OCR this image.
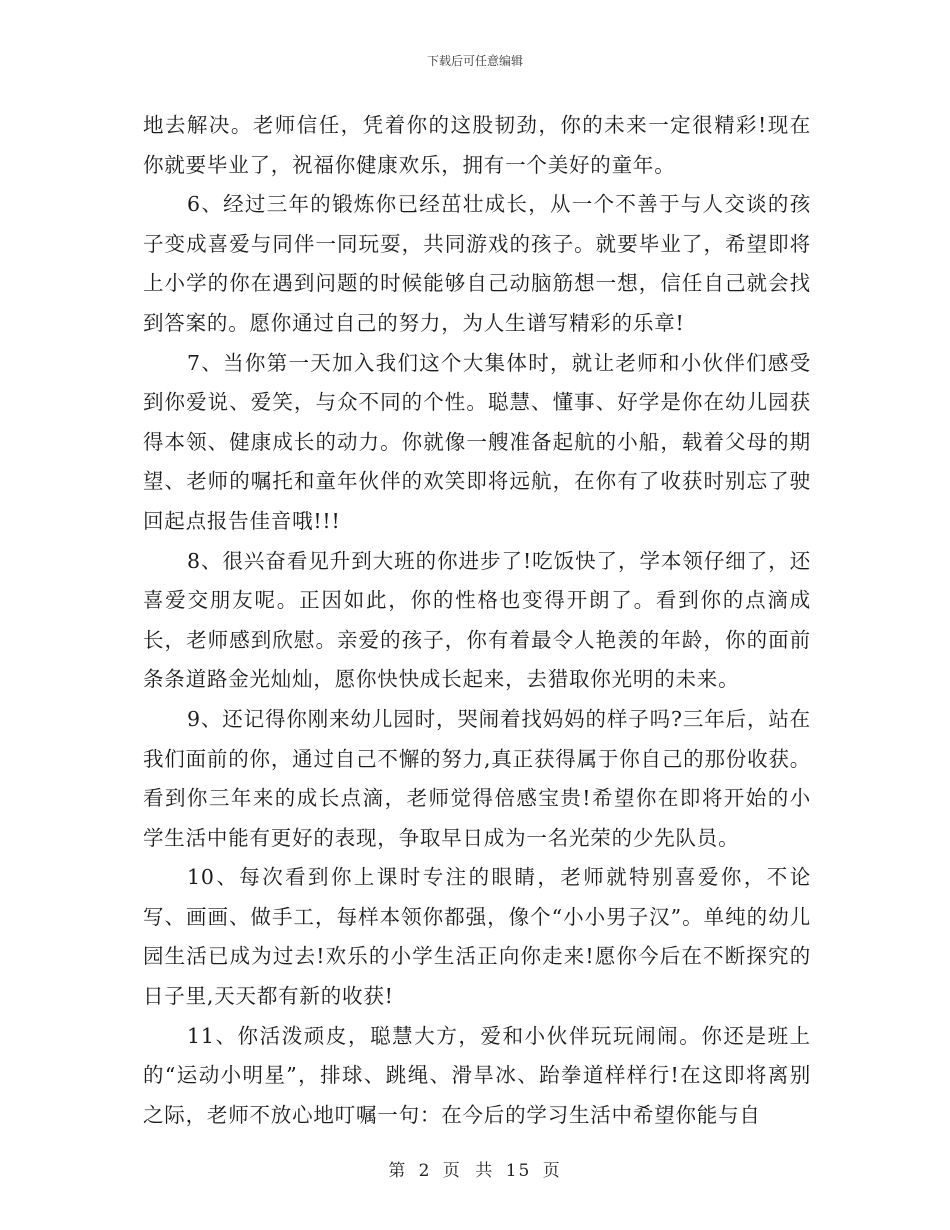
下载后可任意编辑

地去解决。老师信任，凭着你的这股韧劲，你的未来一定很精彩!现在你就要毕业了，祝福你健康欢乐，拥有一个美好的童年。

6、经过三年的锻炼你已经茁壮成长，从一个不善于与人交谈的孩子变成喜爱与同伴一同玩耍，共同游戏的孩子。就要毕业了，希望即将上小学的你在遇到问题的时候能够自己动脑筋想一想，信任自己就会找到答案的。愿你通过自己的努力，为人生谱写精彩的乐章!

7、当你第一天加入我们这个大集体时，就让老师和小伙伴们感受到你爱说、爱笑，与众不同的个性。聪慧、懂事、好学是你在幼儿园获得本领、健康成长的动力。你就像一艘准备起航的小船，载着父母的期望、老师的嘱托和童年伙伴的欢笑即将远航，在你有了收获时别忘了驶回起点报告佳音哦!!!

8、很兴奋看见升到大班的你进步了!吃饭快了，学本领仔细了，还喜爱交朋友呢。正因如此，你的性格也变得开朗了。看到你的点滴成长，老师感到欣慰。亲爱的孩子，你有着最令人艳羡的年龄，你的面前条条道路金光灿灿，愿你快快成长起来，去猎取你光明的未来。

9、还记得你刚来幼儿园时，哭闹着找妈妈的样子吗?三年后，站在我们面前的你，通过自己不懈的努力,真正获得属于你自己的那份收获。看到你三年来的成长点滴，老师觉得倍感宝贵!希望你在即将开始的小学生活中能有更好的表现，争取早日成为一名光荣的少先队员。

10、每次看到你上课时专注的眼睛，老师就特别喜爱你，不论写、画画、做手工，每样本领你都强，像个“小小男子汉”。单纯的幼儿园生活已成为过去!欢乐的小学生活正向你走来!愿你今后在不断探究的日子里,天天都有新的收获!

11、你活泼顽皮，聪慧大方，爱和小伙伴玩玩闹闹。你还是班上的“运动小明星”，排球、跳绳、滑旱冰、跆拳道样样行!在这即将离别之际，老师不放心地叮嘱一句：在今后的学习生活中希望你能与自

第 2 页 共 15 页
